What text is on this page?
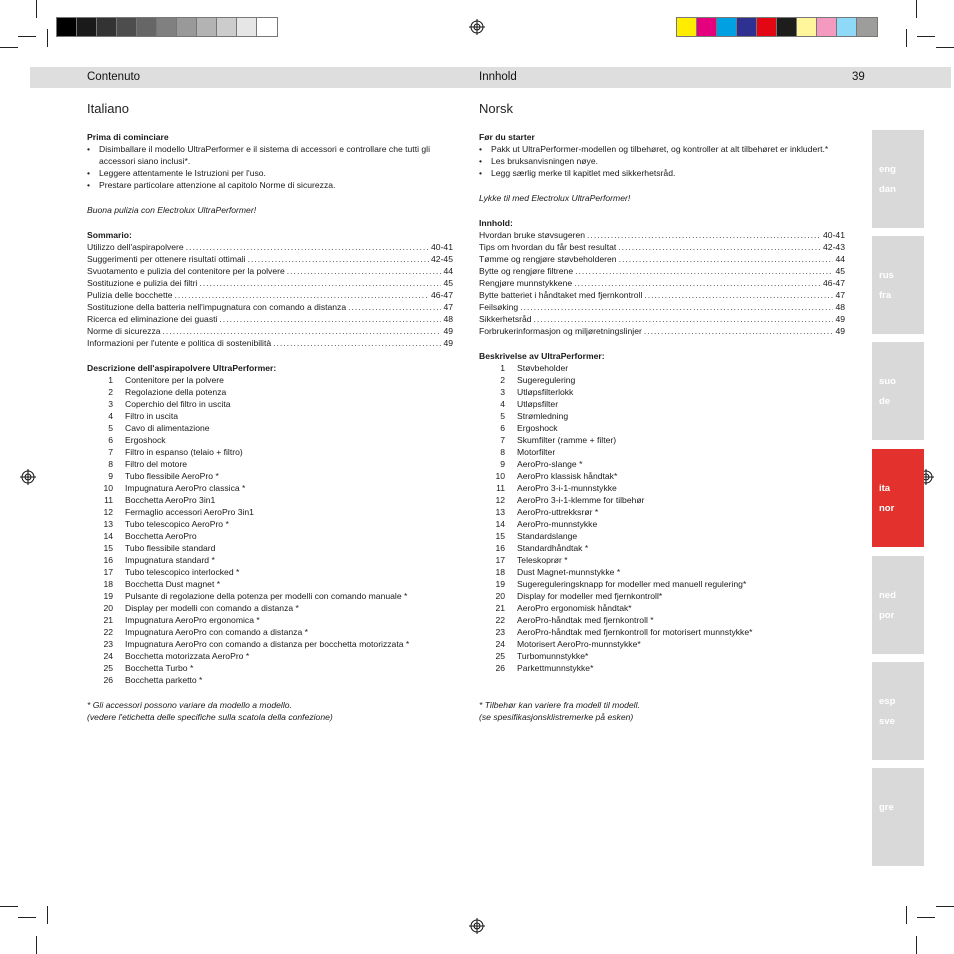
Contenuto	Innhold	39
Italiano
Prima di cominciare
• Disimballare il modello UltraPerformer e il sistema di accessori e controllare che tutti gli accessori siano inclusi*.
• Leggere attentamente le Istruzioni per l'uso.
• Prestare particolare attenzione al capitolo Norme di sicurezza.
Buona pulizia con Electrolux UltraPerformer!
Sommario:
Utilizzo dell'aspirapolvere .....	40-41
Suggerimenti per ottenere risultati ottimali .....	42-45
Svuotamento e pulizia del contenitore per la polvere .....	44
Sostituzione e pulizia dei filtri .....	45
Pulizia delle bocchette .....	46-47
Sostituzione della batteria nell'impugnatura con comando a distanza .....	47
Ricerca ed eliminazione dei guasti .....	48
Norme di sicurezza .....	49
Informazioni per l'utente e politica di sostenibilità .....	49
Descrizione dell'aspirapolvere UltraPerformer:
1 Contenitore per la polvere
2 Regolazione della potenza
3 Coperchio del filtro in uscita
4 Filtro in uscita
5 Cavo di alimentazione
6 Ergoshock
7 Filtro in espanso (telaio + filtro)
8 Filtro del motore
9 Tubo flessibile AeroPro *
10 Impugnatura AeroPro classica *
11 Bocchetta AeroPro 3in1
12 Fermaglio accessori AeroPro 3in1
13 Tubo telescopico AeroPro *
14 Bocchetta AeroPro
15 Tubo flessibile standard
16 Impugnatura standard *
17 Tubo telescopico interlocked *
18 Bocchetta Dust magnet *
19 Pulsante di regolazione della potenza per modelli con comando manuale *
20 Display per modelli con comando a distanza *
21 Impugnatura AeroPro ergonomica *
22 Impugnatura AeroPro con comando a distanza *
23 Impugnatura AeroPro con comando a distanza per bocchetta motorizzata *
24 Bocchetta motorizzata AeroPro *
25 Bocchetta Turbo *
26 Bocchetta parketto *
* Gli accessori possono variare da modello a modello.
(vedere l'etichetta delle specifiche sulla scatola della confezione)
Norsk
Før du starter
• Pakk ut UltraPerformer-modellen og tilbehøret, og kontroller at alt tilbehøret er inkludert.*
• Les bruksanvisningen nøye.
• Legg særlig merke til kapitlet med sikkerhetsråd.
Lykke til med Electrolux UltraPerformer!
Innhold:
Hvordan bruke støvsugeren .....	40-41
Tips om hvordan du får best resultat .....	42-43
Tømme og rengjøre støvbeholderen .....	44
Bytte og rengjøre filtrene .....	45
Rengjøre munnstykkene .....	46-47
Bytte batteriet i håndtaket med fjernkontroll .....	47
Feilsøking .....	48
Sikkerhetsråd .....	49
Forbrukerinformasjon og miljøretningslinjer .....	49
Beskrivelse av UltraPerformer:
1 Støvbeholder
2 Sugeregulering
3 Utløpsfilterlokk
4 Utløpsfilter
5 Strømledning
6 Ergoshock
7 Skumfilter (ramme + filter)
8 Motorfilter
9 AeroPro-slange *
10 AeroPro klassisk håndtak*
11 AeroPro 3-i-1-munnstykke
12 AeroPro 3-i-1-klemme for tilbehør
13 AeroPro-uttrekksrør *
14 AeroPro-munnstykke
15 Standardslange
16 Standardhåndtak *
17 Teleskoprør *
18 Dust Magnet-munnstykke *
19 Sugereguleringsknapp for modeller med manuell regulering*
20 Display for modeller med fjernkontroll*
21 AeroPro ergonomisk håndtak*
22 AeroPro-håndtak med fjernkontroll *
23 AeroPro-håndtak med fjernkontroll for motorisert munnstykke*
24 Motorisert AeroPro-munnstykke*
25 Turbomunnstykke*
26 Parkettmunnstykke*
* Tilbehør kan variere fra modell til modell.
(se spesifikasjonsklistremerke på esken)
eng
dan
rus
fra
suo
de
ita
nor
ned
por
esp
sve
gre
